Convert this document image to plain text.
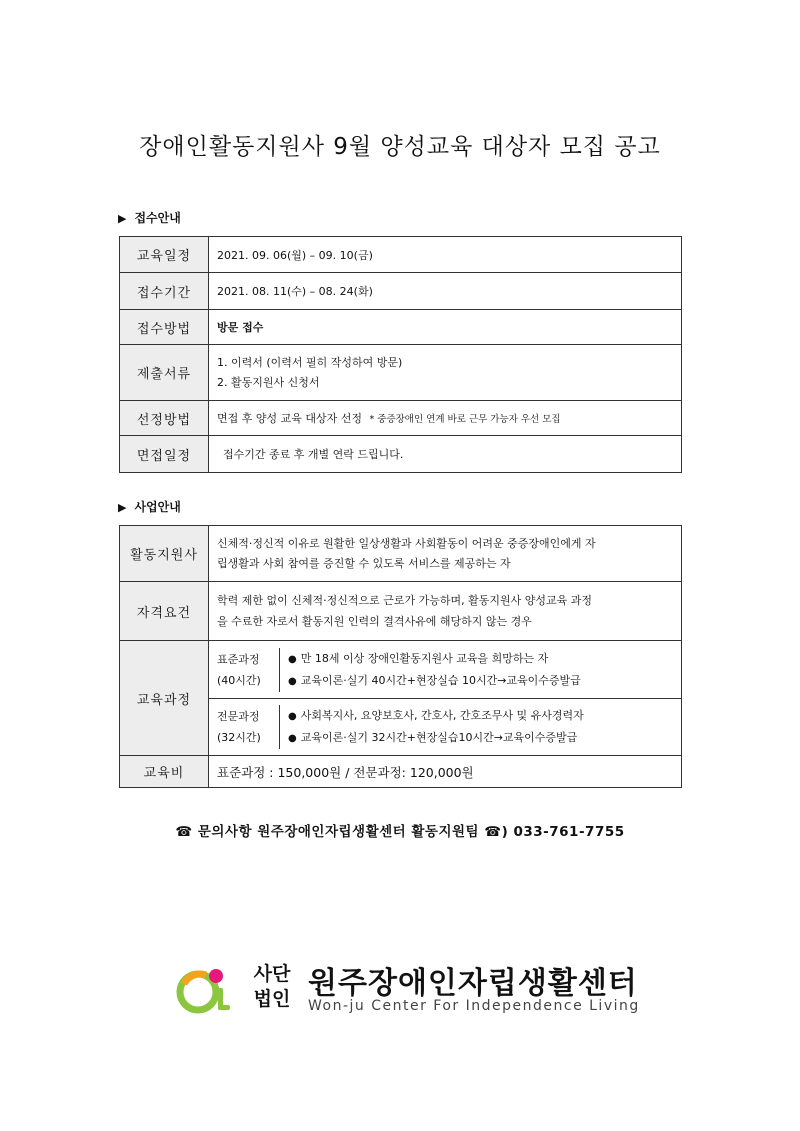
장애인활동지원사 9월 양성교육 대상자 모집 공고
▶ 접수안내
교육일정	2021. 09. 06(월) – 09. 10(금)
접수기간	2021. 08. 11(수) – 08. 24(화)
접수방법	방문 접수
제출서류	1. 이력서 (이력서 필히 작성하여 방문)
2. 활동지원사 신청서

선정방법	면접 후 양성 교육 대상자 선정 * 중증장애인 연계 바로 근무 가능자 우선 모집
면접일정	접수기간 종료 후 개별 연락 드립니다.
▶ 사업안내
활동지원사	신체적·정신적 이유로 원활한 일상생활과 사회활동이 어려운 중증장애인에게 자
립생활과 사회 참여를 증진할 수 있도록 서비스를 제공하는 자

자격요건	학력 제한 없이 신체적·정신적으로 근로가 가능하며, 활동지원사 양성교육 과정
을 수료한 자로서 활동지원 인력의 결격사유에 해당하지 않는 경우

교육과정	표준과정
(40시간)
● 만 18세 이상 장애인활동지원사 교육을 희망하는 자
● 교육이론·실기 40시간+현장실습 10시간→교육이수증발급

	전문과정
(32시간)
● 사회복지사, 요양보호사, 간호사, 간호조무사 및 유사경력자
● 교육이론·실기 32시간+현장실습10시간→교육이수증발급

교육비	표준과정 : 150,000원 / 전문과정: 120,000원
☎ 문의사항 원주장애인자립생활센터 활동지원팀 ☎) 033-761-7755
사단 법인 원주장애인자립생활센터
Won-ju Center For Independence Living
